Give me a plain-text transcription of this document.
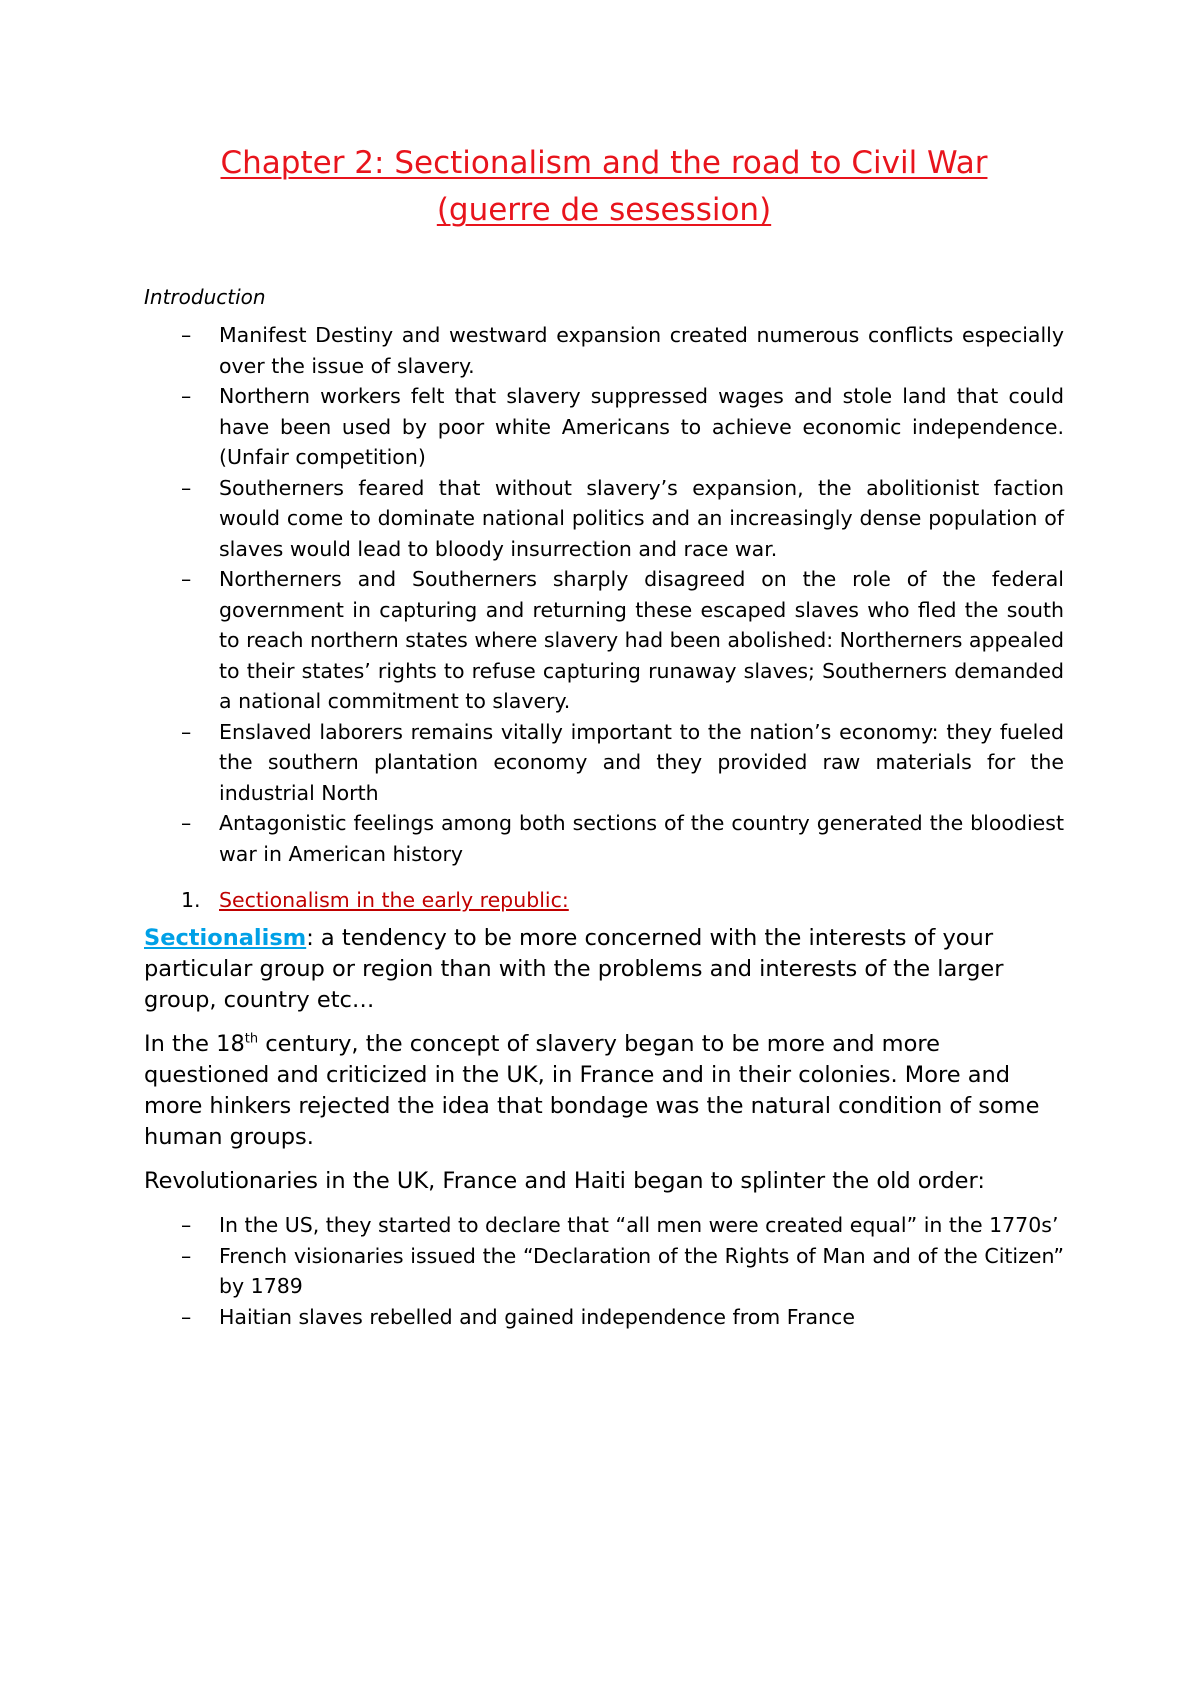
Chapter 2: Sectionalism and the road to Civil War
(guerre de sesession)
Introduction
– Manifest Destiny and westward expansion created numerous conflicts especially over the issue of slavery.
– Northern workers felt that slavery suppressed wages and stole land that could have been used by poor white Americans to achieve economic independence. (Unfair competition)
– Southerners feared that without slavery’s expansion, the abolitionist faction would come to dominate national politics and an increasingly dense population of slaves would lead to bloody insurrection and race war.
– Northerners and Southerners sharply disagreed on the role of the federal government in capturing and returning these escaped slaves who fled the south to reach northern states where slavery had been abolished: Northerners appealed to their states’ rights to refuse capturing runaway slaves; Southerners demanded a national commitment to slavery.
– Enslaved laborers remains vitally important to the nation’s economy: they fueled the southern plantation economy and they provided raw materials for the industrial North
– Antagonistic feelings among both sections of the country generated the bloodiest war in American history
1. Sectionalism in the early republic:

Sectionalism: a tendency to be more concerned with the interests of your particular group or region than with the problems and interests of the larger group, country etc…

In the 18th century, the concept of slavery began to be more and more questioned and criticized in the UK, in France and in their colonies. More and more hinkers rejected the idea that bondage was the natural condition of some human groups.

Revolutionaries in the UK, France and Haiti began to splinter the old order:

– In the US, they started to declare that “all men were created equal” in the 1770s’
– French visionaries issued the “Declaration of the Rights of Man and of the Citizen” by 1789
– Haitian slaves rebelled and gained independence from France
